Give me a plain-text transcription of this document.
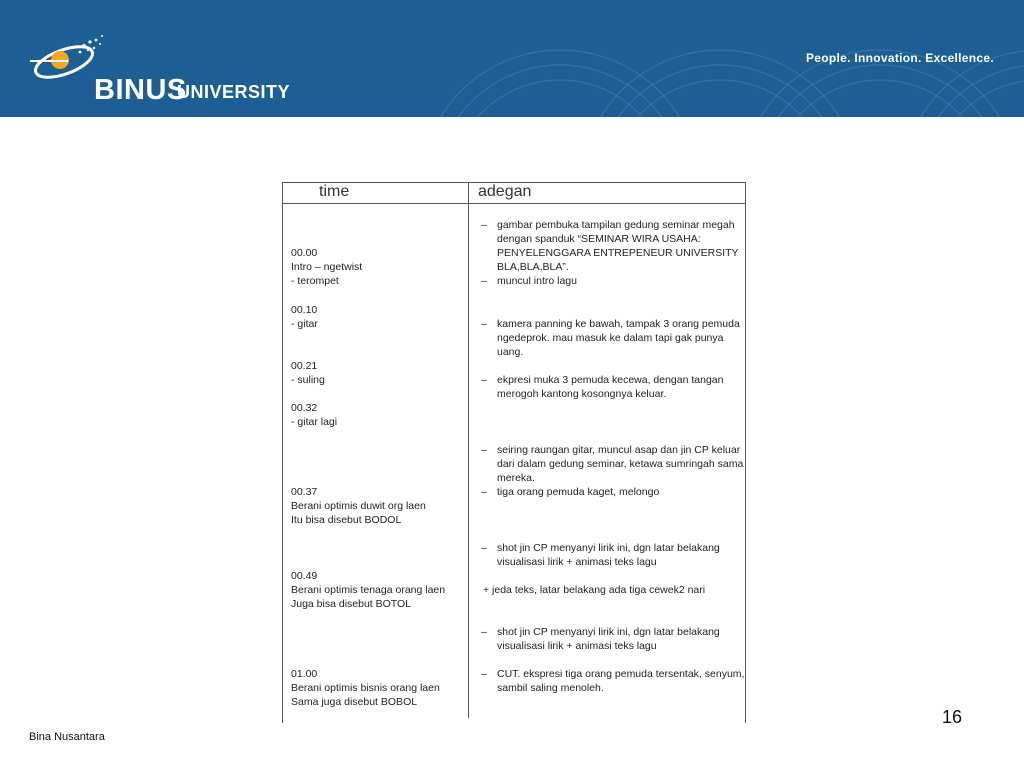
BINUS
UNIVERSITY
People. Innovation. Excellence.
time	adegan
00.00
Intro – ngetwist
- terompet
00.10
- gitar
00.21
- suling
00.32
- gitar lagi
00.37
Berani optimis duwit org laen
Itu bisa disebut BODOL
00.49
Berani optimis tenaga orang laen
Juga bisa disebut BOTOL
01.00
Berani optimis bisnis orang laen
Sama juga disebut BOBOL
–
–
–
–
–
–
–
–
–
gambar pembuka tampilan gedung seminar megah
dengan spanduk “SEMINAR WIRA USAHA:
PENYELENGGARA ENTREPENEUR UNIVERSITY
BLA,BLA,BLA”.
muncul intro lagu
kamera panning ke bawah, tampak 3 orang pemuda
ngedeprok. mau masuk ke dalam tapi gak punya
uang.
ekpresi muka 3 pemuda kecewa, dengan tangan
merogoh kantong kosongnya keluar.
seiring raungan gitar, muncul asap dan jin CP keluar
dari dalam gedung seminar, ketawa sumringah sama
mereka.
tiga orang pemuda kaget, melongo
shot jin CP menyanyi lirik ini, dgn latar belakang
visualisasi lirik + animasi teks lagu
+ jeda teks, latar belakang ada tiga cewek2 nari
shot jin CP menyanyi lirik ini, dgn latar belakang
visualisasi lirik + animasi teks lagu
CUT. ekspresi tiga orang pemuda tersentak, senyum,
sambil saling menoleh.
16
Bina Nusantara
